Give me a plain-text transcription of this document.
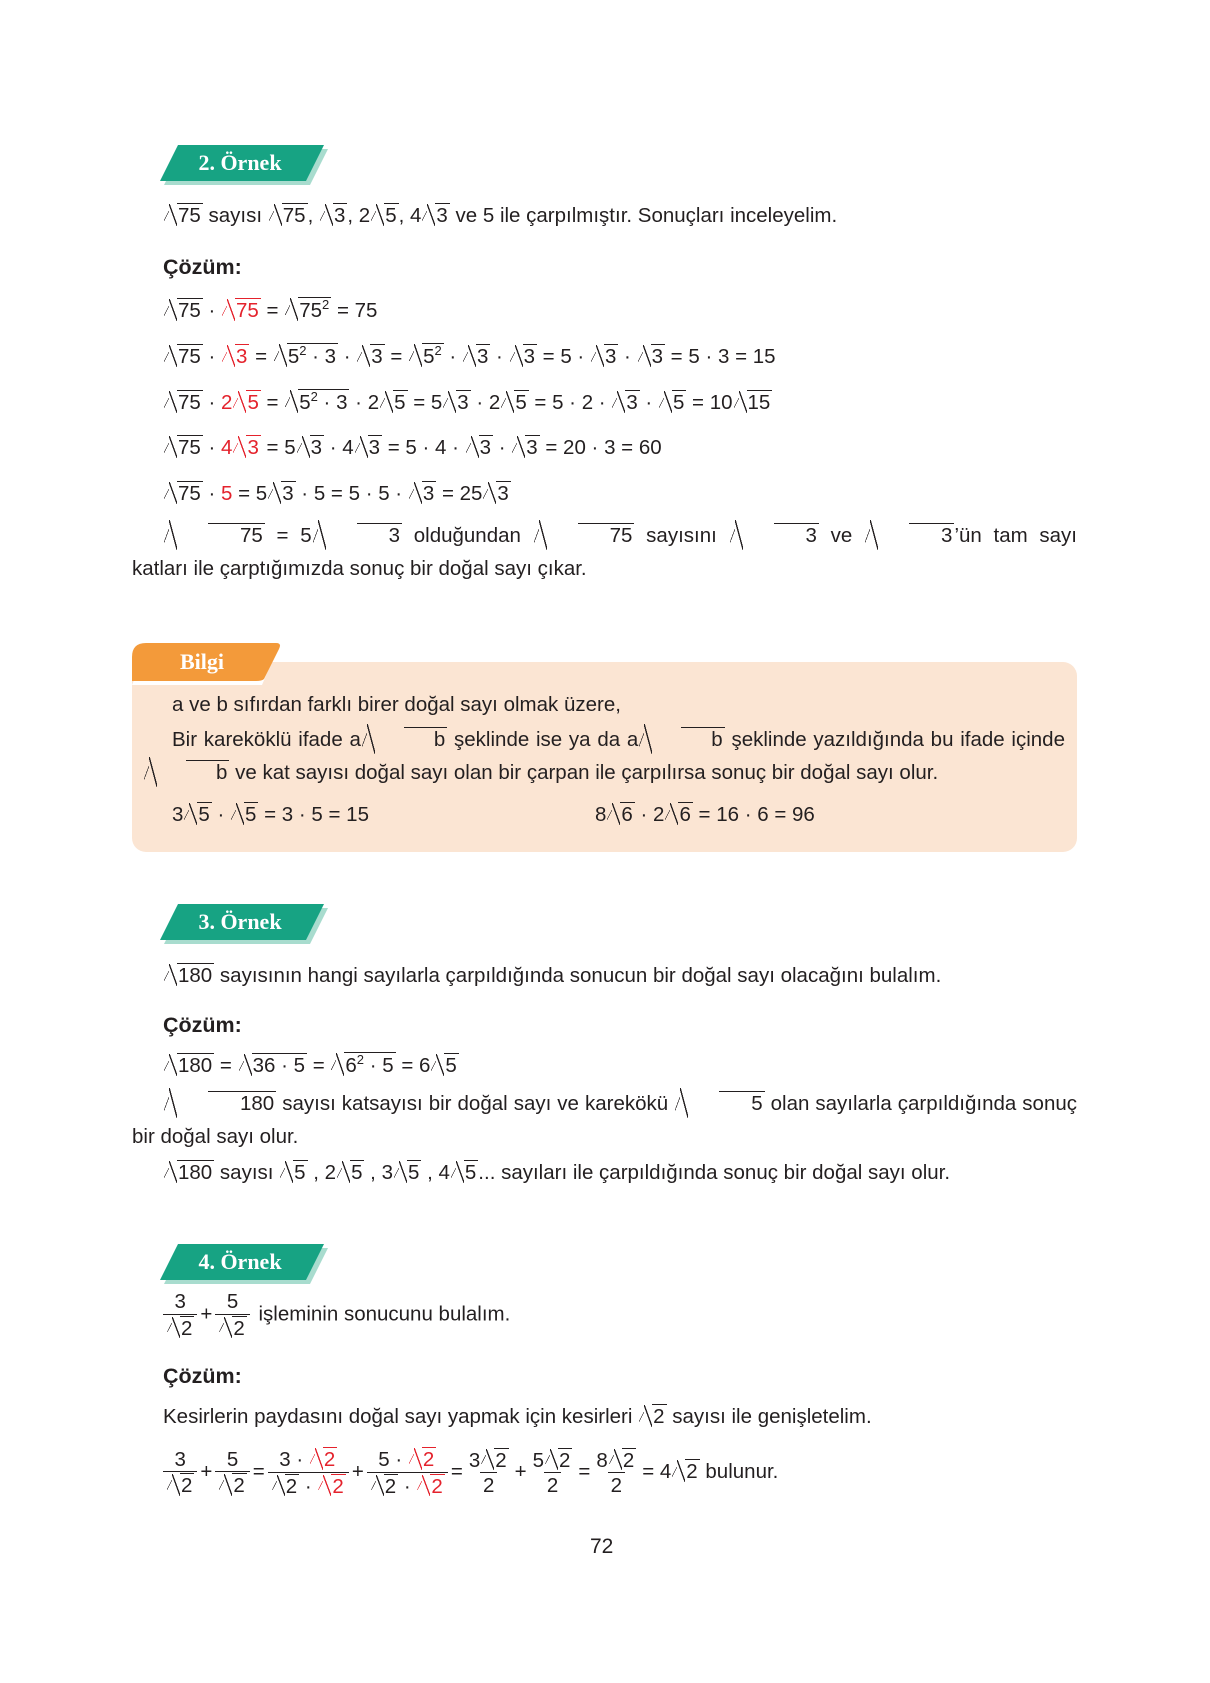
2. Örnek
75 sayısı 75, 3, 2 5, 4 3 ve 5 ile çarpılmıştır. Sonuçları inceleyelim.
Çözüm:
$75 \cdot 75 = 75^2 = 75$
$75 \cdot 3 = 5^2 \cdot 3 \cdot 3 = 5^2 \cdot 3 \cdot 3 = 5 \cdot 3 \cdot 3 = 5 \cdot 3 = 15$
75 · 2 $5 = 5^2 \cdot 3 \cdot 2$ 5 = 5 3 · 2 5 = 5 · 2 · 3 · 5 = 10 15
75 · 4 3 = 5 3 · 4 3 = 5 · 4 · 3 · 3 = 20 · 3 = 60
75 · 5 = 5 3 · 5 = 5 · 5 · 3 = 25 3
75 = 5	3 olduğundan	75 sayısını	3 ve	3’ün tam sayı katları ile çarptığımızda sonuç bir doğal sayı çıkar.
Bilgi
a ve b sıfırdan farklı birer doğal sayı olmak üzere,
Bir kareköklü ifade a	b şeklinde ise ya da a	b şeklinde yazıldığında bu ifade içinde b ve kat sayısı doğal sayı olan bir çarpan ile çarpılırsa sonuç bir doğal sayı olur.
3 5 · 5 = 3 · 5 = 15	8 6 · 2 6 = 16 · 6 = 96
3. Örnek
180 sayısının hangi sayılarla çarpıldığında sonucun bir doğal sayı olacağını bulalım.
Çözüm:
$180 = 36 \cdot 5 = 6^2 \cdot 5 = 6$ 5
180 sayısı katsayısı bir doğal sayı ve karekökü	5 olan sayılarla çarpıldığında sonuç bir doğal sayı olur.
180 sayısı 5 , 2 5 , 3 5 , 4 5... sayıları ile çarpıldığında sonuç bir doğal sayı olur.
4. Örnek
$\frac{3}{2} + \frac{5}{2}$ işleminin sonucunu bulalım.
Çözüm:
Kesirlerin paydasını doğal sayı yapmak için kesirleri 2 sayısı ile genişletelim.
$\frac{3}{2} + \frac{5}{2} = \frac{3 \cdot 2}{2 \cdot 2} + \frac{5 \cdot 2}{2 \cdot 2} = \frac{3 2}{2} + \frac{5 2}{2} = \frac{8 2}{2} = 4$ 2 bulunur.
72
